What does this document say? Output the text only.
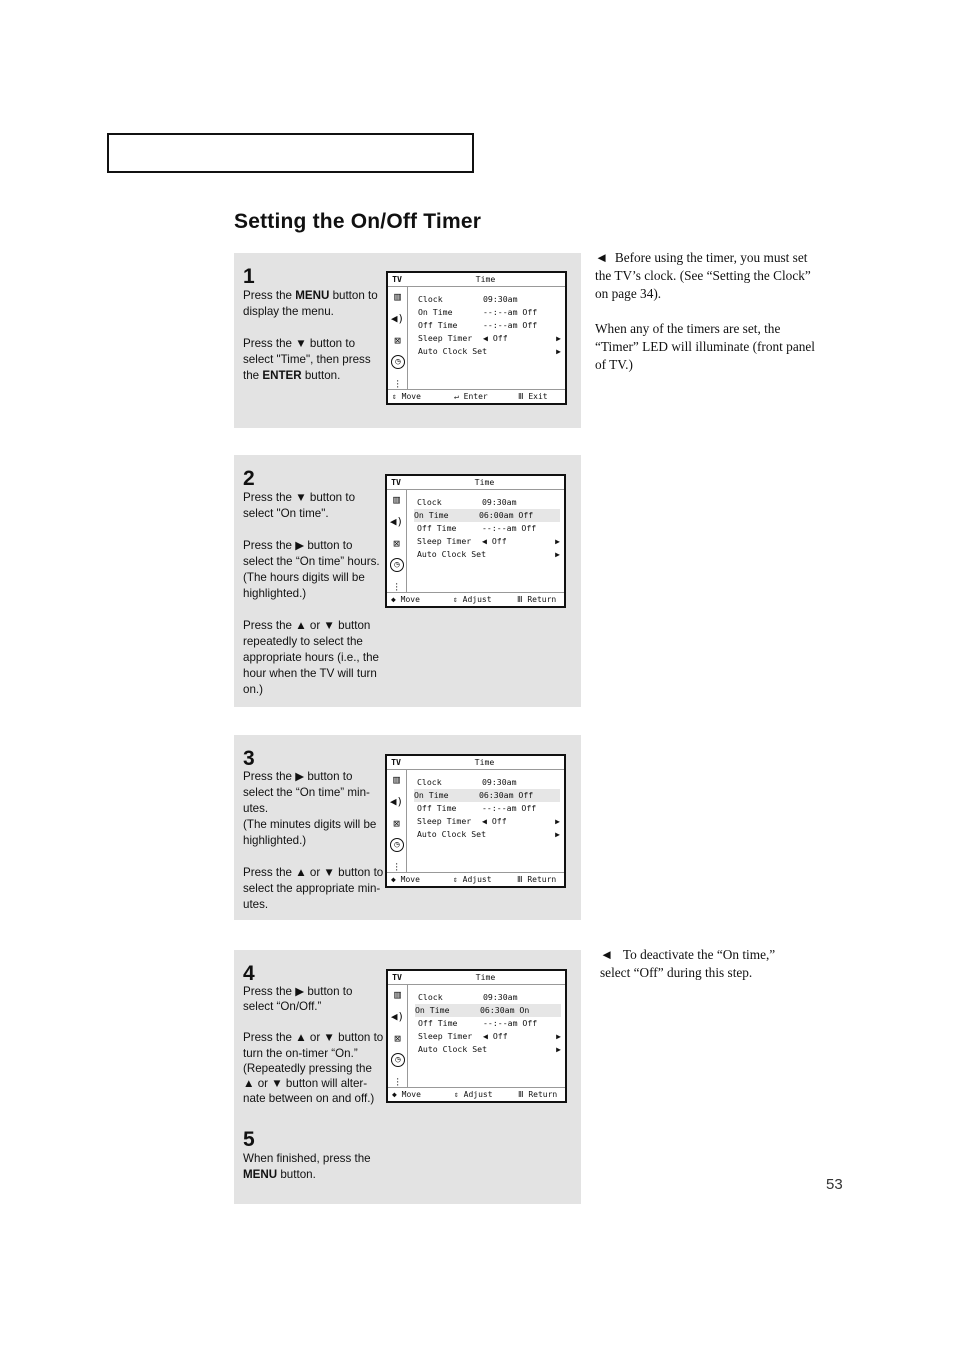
Setting the On/Off Timer
1

Press the MENU button to display the menu.

Press the ▼ button to select "Time", then press the ENTER button.

TV	Time
▥
◀)
⊠
◷
⫶
Clock	09:30am
On Time	--:--am Off
Off Time	--:--am Off
Sleep Timer ◀ Off	▶
Auto Clock Set	▶
⇕ Move	↵ Enter	Ⅲ Exit
2

Press the ▼ button to select "On time".

Press the ▶ button to select the “On time” hours. (The hours digits will be highlighted.)

Press the ▲ or ▼ button repeatedly to select the appropriate hours (i.e., the hour when the TV will turn on.)

TV	Time
▥
◀)
⊠
◷
⫶
Clock	09:30am
On Time	06:00am Off
Off Time	--:--am Off
Sleep Timer ◀ Off	▶
Auto Clock Set	▶
◆ Move	⇕ Adjust	Ⅲ Return
3

Press the ▶ button to select the “On time” min-utes.
(The minutes digits will be highlighted.)

Press the ▲ or ▼ button to select the appropriate min-utes.

TV	Time
▥
◀)
⊠
◷
⫶
Clock	09:30am
On Time	06:30am Off
Off Time	--:--am Off
Sleep Timer ◀ Off	▶
Auto Clock Set	▶
◆ Move	⇕ Adjust	Ⅲ Return
4

Press the ▶ button to select “On/Off.”

Press the ▲ or ▼ button to turn the on-timer “On.” (Repeatedly pressing the ▲ or ▼ button will alter-nate between on and off.)

TV	Time
▥
◀)
⊠
◷
⫶
Clock	09:30am
On Time	06:30am On
Off Time	--:--am Off
Sleep Timer ◀ Off	▶
Auto Clock Set	▶
◆ Move	⇕ Adjust	Ⅲ Return
5

When finished, press the MENU button.

◄ Before using the timer, you must set the TV’s clock. (See “Setting the Clock” on page 34).

When any of the timers are set, the “Timer” LED will illuminate (front panel of TV.)

◄ To deactivate the “On time,” select “Off” during this step.

53
